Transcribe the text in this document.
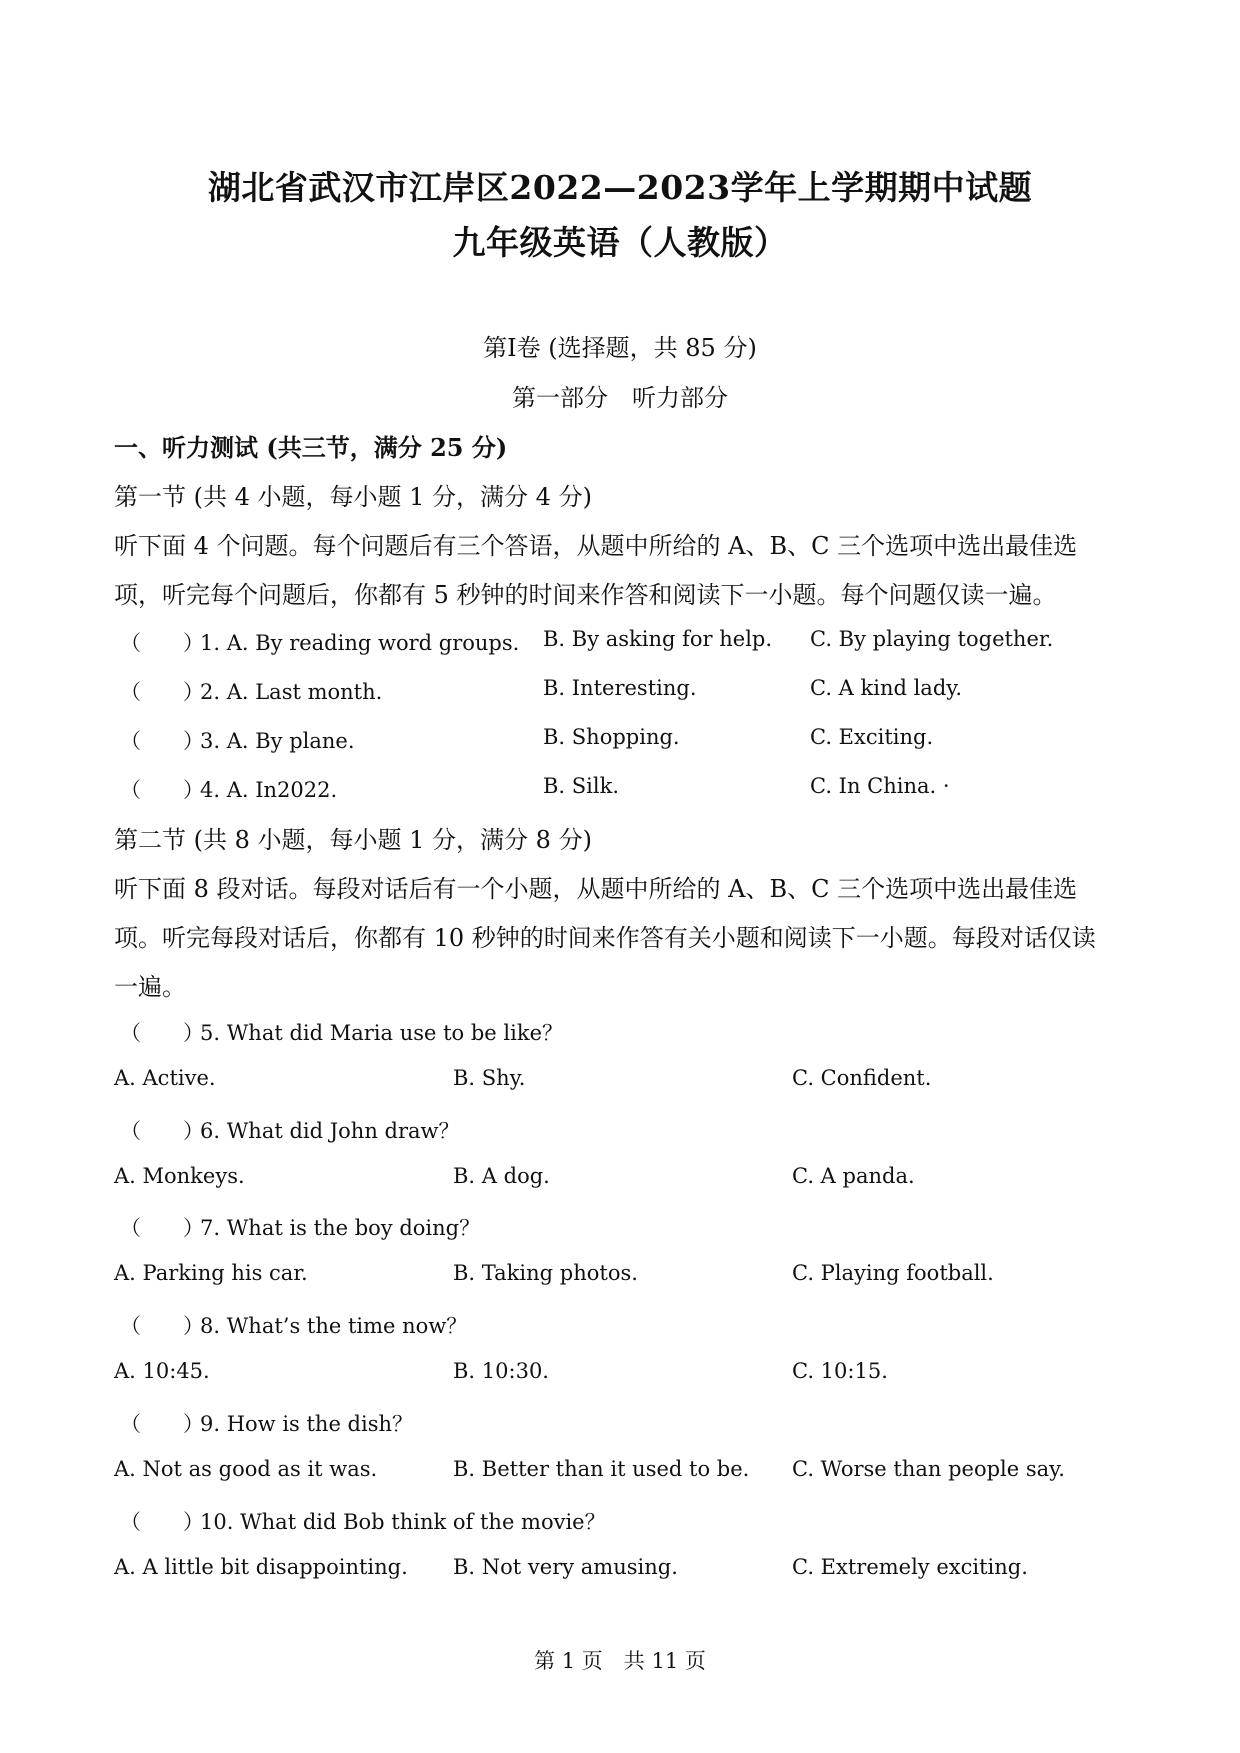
湖北省武汉市江岸区2022—2023学年上学期期中试题
九年级英语（人教版）
第Ⅰ卷 (选择题，共 85 分)
第一部分　听力部分
一、听力测试 (共三节，满分 25 分)
第一节 (共 4 小题，每小题 1 分，满分 4 分)
听下面 4 个问题。每个问题后有三个答语，从题中所给的 A、B、C 三个选项中选出最佳选
项，听完每个问题后，你都有 5 秒钟的时间来作答和阅读下一小题。每个问题仅读一遍。
（　　）1. A. By reading word groups. B. By asking for help. C. By playing together.
（　　）2. A. Last month.	B. Interesting.	C. A kind lady.
（　　）3. A. By plane.	B. Shopping.	C. Exciting.
（　　）4. A. In2022.	B. Silk.	C. In China. ·
第二节 (共 8 小题，每小题 1 分，满分 8 分)
听下面 8 段对话。每段对话后有一个小题，从题中所给的 A、B、C 三个选项中选出最佳选
项。听完每段对话后，你都有 10 秒钟的时间来作答有关小题和阅读下一小题。每段对话仅读
一遍。
（　　）5. What did Maria use to be like？
A. Active.	B. Shy.	C. Confident.
（　　）6. What did John draw？
A. Monkeys.	B. A dog.	C. A panda.
（　　）7. What is the boy doing？
A. Parking his car.	B. Taking photos.	C. Playing football.
（　　）8. What’s the time now？
A. 10:45.	B. 10:30.	C. 10:15.
（　　）9. How is the dish？
A. Not as good as it was.	B. Better than it used to be. C. Worse than people say.
（　　）10. What did Bob think of the movie？
A. A little bit disappointing. B. Not very amusing.	C. Extremely exciting.
第 1 页　共 11 页
